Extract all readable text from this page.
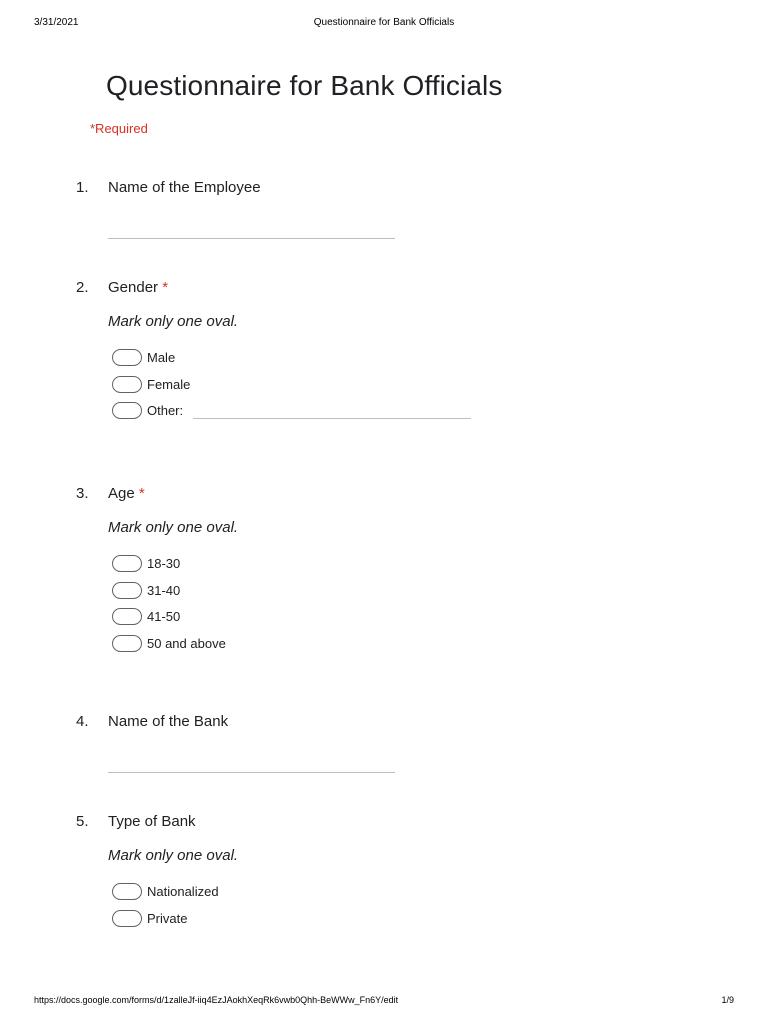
3/31/2021	Questionnaire for Bank Officials
Questionnaire for Bank Officials
*Required
1. Name of the Employee
2. Gender *
Mark only one oval.
Male
Female
Other:
3. Age *
Mark only one oval.
18-30
31-40
41-50
50 and above
4. Name of the Bank
5. Type of Bank
Mark only one oval.
Nationalized
Private
https://docs.google.com/forms/d/1zalleJf-iiq4EzJAokhXeqRk6vwb0Qhh-BeWWw_Fn6Y/edit	1/9
